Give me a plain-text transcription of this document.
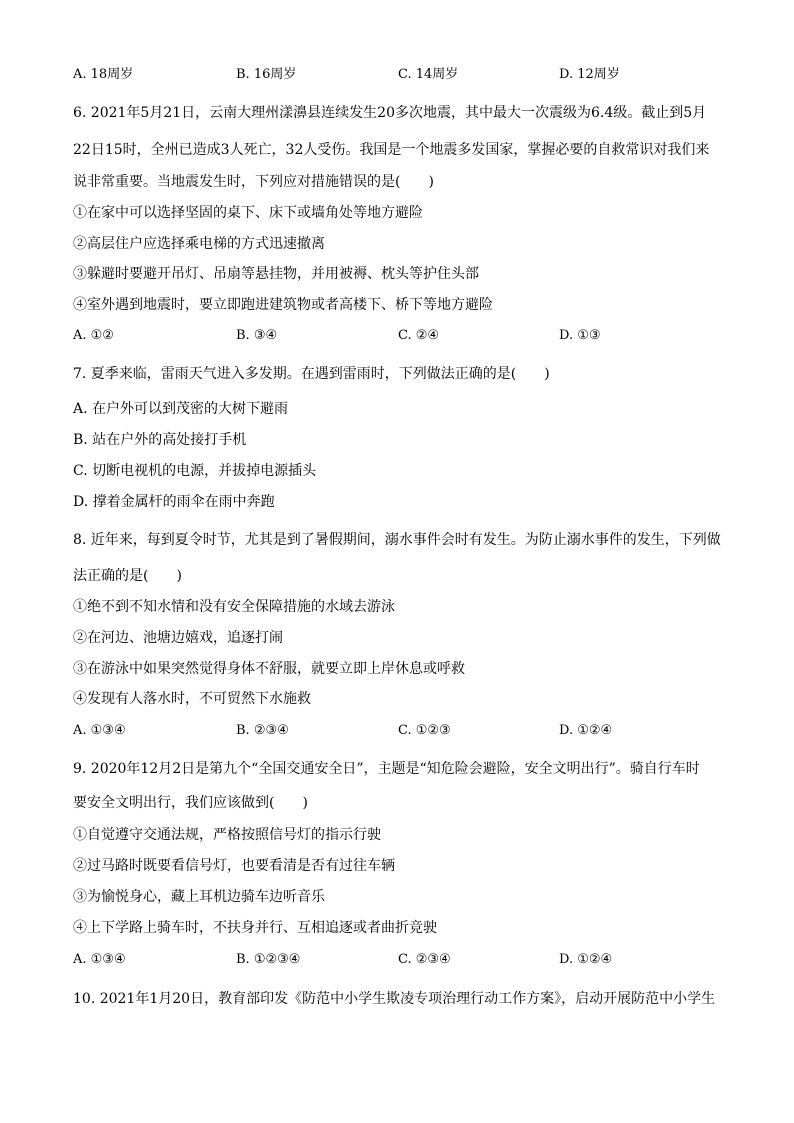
A. 18周岁	B. 16周岁	C. 14周岁	D. 12周岁
6. 2021年5月21日，云南大理州漾濞县连续发生20多次地震，其中最大一次震级为6.4级。截止到5月
22日15时，全州已造成3人死亡，32人受伤。我国是一个地震多发国家，掌握必要的自救常识对我们来
说非常重要。当地震发生时，下列应对措施错误的是(　　)
①在家中可以选择坚固的桌下、床下或墙角处等地方避险
②高层住户应选择乘电梯的方式迅速撤离
③躲避时要避开吊灯、吊扇等悬挂物，并用被褥、枕头等护住头部
④室外遇到地震时，要立即跑进建筑物或者高楼下、桥下等地方避险
A. ①②	B. ③④	C. ②④	D. ①③
7. 夏季来临，雷雨天气进入多发期。在遇到雷雨时，下列做法正确的是(　　)
A. 在户外可以到茂密的大树下避雨
B. 站在户外的高处接打手机
C. 切断电视机的电源，并拔掉电源插头
D. 撑着金属杆的雨伞在雨中奔跑
8. 近年来，每到夏令时节，尤其是到了暑假期间，溺水事件会时有发生。为防止溺水事件的发生，下列做
法正确的是(　　)
①绝不到不知水情和没有安全保障措施的水域去游泳
②在河边、池塘边嬉戏，追逐打闹
③在游泳中如果突然觉得身体不舒服，就要立即上岸休息或呼救
④发现有人落水时，不可贸然下水施救
A. ①③④	B. ②③④	C. ①②③	D. ①②④
9. 2020年12月2日是第九个“全国交通安全日”，主题是“知危险会避险，安全文明出行”。骑自行车时
要安全文明出行，我们应该做到(　　)
①自觉遵守交通法规，严格按照信号灯的指示行驶
②过马路时既要看信号灯，也要看清是否有过往车辆
③为愉悦身心，藏上耳机边骑车边听音乐
④上下学路上骑车时，不扶身并行、互相追逐或者曲折竞驶
A. ①③④	B. ①②③④	C. ②③④	D. ①②④
10. 2021年1月20日，教育部印发《防范中小学生欺凌专项治理行动工作方案》，启动开展防范中小学生
